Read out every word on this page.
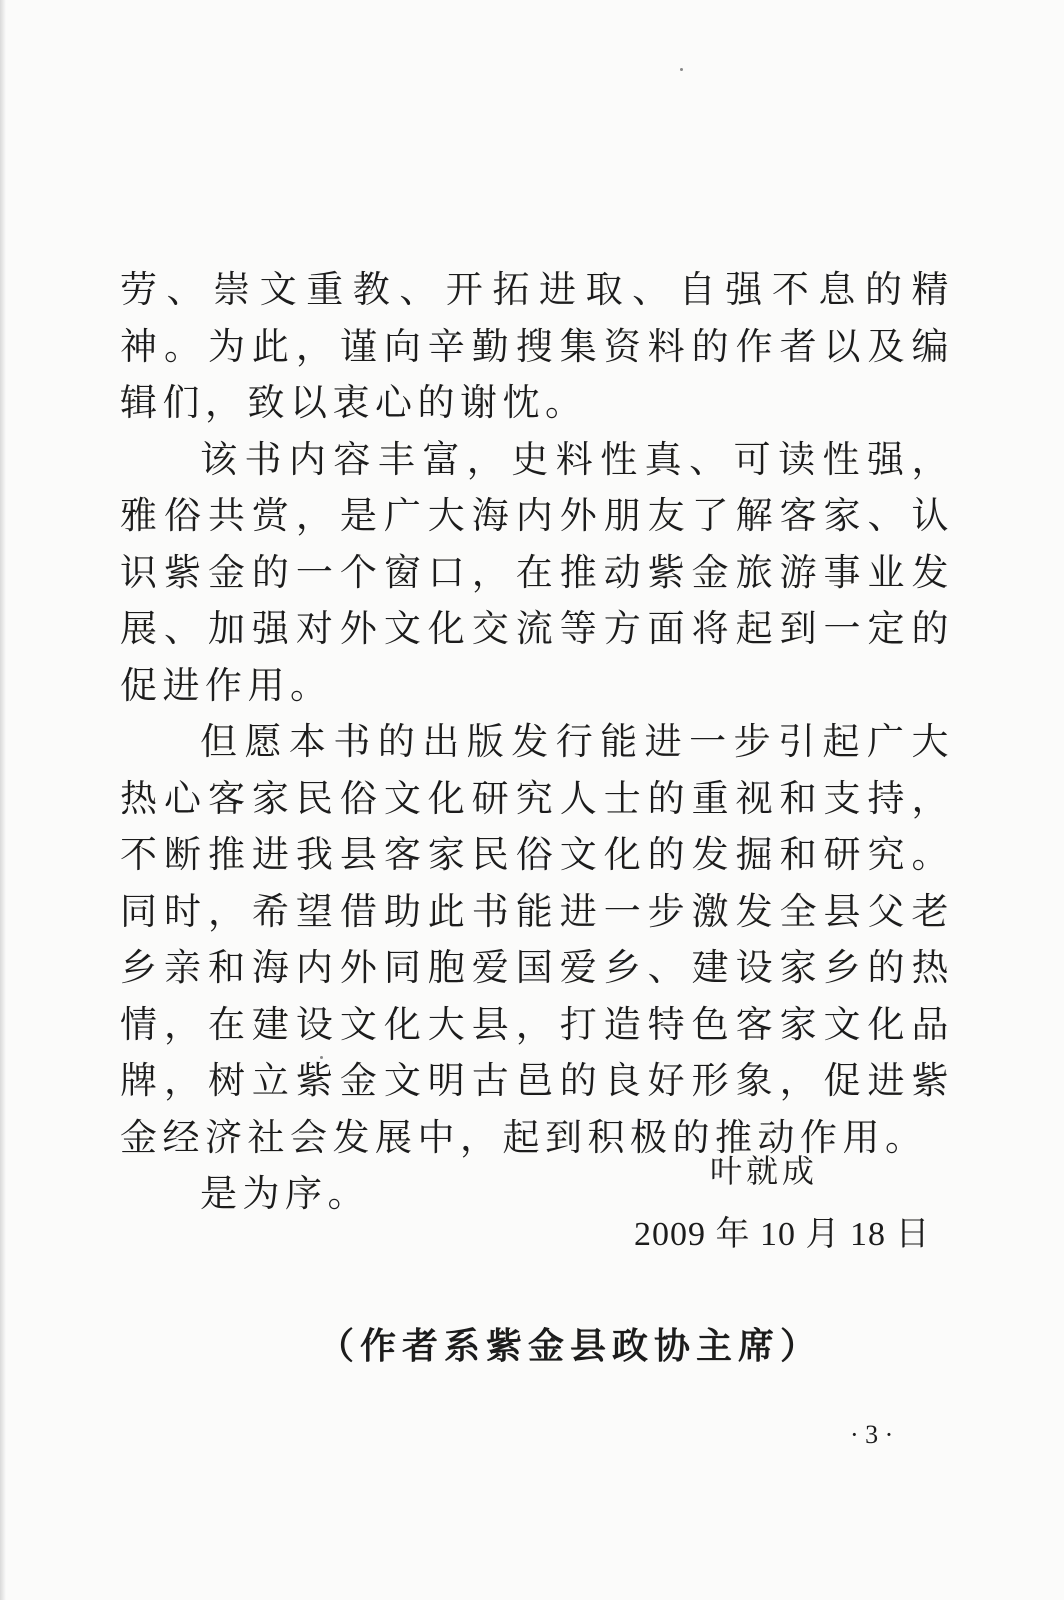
劳、崇文重教、开拓进取、自强不息的精神。为此，谨向辛勤搜集资料的作者以及编辑们，致以衷心的谢忱。

该书内容丰富，史料性真、可读性强，雅俗共赏，是广大海内外朋友了解客家、认识紫金的一个窗口，在推动紫金旅游事业发展、加强对外文化交流等方面将起到一定的促进作用。

但愿本书的出版发行能进一步引起广大热心客家民俗文化研究人士的重视和支持，不断推进我县客家民俗文化的发掘和研究。同时，希望借助此书能进一步激发全县父老乡亲和海内外同胞爱国爱乡、建设家乡的热情，在建设文化大县，打造特色客家文化品牌，树立紫金文明古邑的良好形象，促进紫金经济社会发展中，起到积极的推动作用。

是为序。

叶就成
2009 年 10 月 18 日
（作者系紫金县政协主席）
· 3 ·
